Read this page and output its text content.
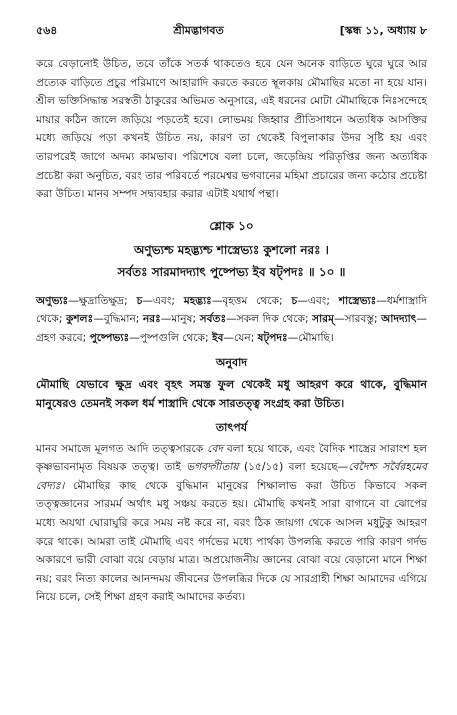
৫৬৪	শ্রীমদ্ভাগবত	[স্কন্ধ ১১, অধ্যায় ৮

করে বেড়ানোই উচিত, তবে তাঁকে সতর্ক থাকতেও হবে যেন অনেক বাড়িতে ঘুরে ঘুরে আর প্রত্যেক বাড়িতে প্রচুর পরিমাণে আহারাদি করতে করতে স্থূলকায় মৌমাছির মতো না হয়ে যান। শ্রীল ভক্তিসিদ্ধান্ত সরস্বতী ঠাকুরের অভিমত অনুসারে, এই ধরনের মোটা মৌমাছিকে নিঃসন্দেহে মায়ার কঠিন জালে জড়িয়ে পড়তেই হবে। লোভময় জিহ্বার প্রীতিসাধনে অত্যধিক আসক্তির মধ্যে জড়িয়ে পড়া কখনই উচিত নয়, কারণ তা থেকেই বিপুলাকার উদর সৃষ্টি হয় এবং তারপরেই জাগে অদম্য কামভাব। পরিশেষে বলা চলে, জড়েন্দ্রিয় পরিতৃপ্তির জন্য অত্যধিক প্রচেষ্টা করা অনুচিত, বরং তার পরিবর্তে পরমেশ্বর ভগবানের মহিমা প্রচারের জন্য কঠোর প্রচেষ্টা করা উচিত। মানব সম্পদ সদ্ব্যবহার করার এটাই যথার্থ পন্থা।

শ্লোক ১০
অণুভ্যশ্চ মহদ্ভ্যশ্চ শাস্ত্রেভ্যঃ কুশলো নরঃ ।
সর্বতঃ সারমাদদ্যাৎ পুষ্পেভ্য ইব ষট্পদঃ ॥ ১০ ॥
অণুভ্যঃ—ক্ষুদ্রাতিক্ষুদ্র; চ—এবং; মহদ্ভ্যঃ—বৃহত্তম থেকে; চ—এবং; শাস্ত্রেভ্যঃ—ধর্মশাস্ত্রাদি থেকে; কুশলঃ—বুদ্ধিমান; নরঃ—মানুষ; সর্বতঃ—সকল দিক থেকে; সারম্—সারবস্তু; আদদ্যাৎ—গ্রহণ করবে; পুষ্পেভ্যঃ—পুষ্পগুলি থেকে; ইব—যেন; ষট্পদঃ—মৌমাছি।
অনুবাদ
মৌমাছি যেভাবে ক্ষুদ্র এবং বৃহৎ সমস্ত ফুল থেকেই মধু আহরণ করে থাকে, বুদ্ধিমান মানুষেরও তেমনই সকল ধর্ম শাস্ত্রাদি থেকে সারতত্ত্ব সংগ্রহ করা উচিত।
তাৎপর্য

মানব সমাজে মূলগত আদি তত্ত্বসারকে বেদ বলা হয়ে থাকে, এবং বৈদিক শাস্ত্রের সারাংশ হল কৃষ্ণভাবনামৃত বিষয়ক তত্ত্ব। তাই ভগবদ্গীতায় (১৫/১৫) বলা হয়েছে—বেদৈশ্চ সর্বৈরহমেব বেদ্যঃ। মৌমাছির কাছ থেকে বুদ্ধিমান মানুষের শিক্ষালাভ করা উচিত কিভাবে সকল তত্ত্বজ্ঞানের সারমর্ম অর্থাৎ মধু সঞ্চয় করতে হয়। মৌমাছি কখনই সারা বাগানে বা ঝোপের মধ্যে অযথা ঘোরাঘুরি করে সময় নষ্ট করে না, বরং ঠিক জায়গা থেকে আসল মধুটুকু আহরণ করে থাকে। আমরা তাই মৌমাছি এবং গর্দভের মধ্যে পার্থক্য উপলব্ধি করতে পারি কারণ গর্দভ অকারণে ভারী বোঝা বয়ে বেড়ায় মাত্র। অপ্রয়োজনীয় জ্ঞানের বোঝা বয়ে বেড়ানো মানে শিক্ষা নয়; বরং নিত্য কালের আনন্দময় জীবনের উপলব্ধির দিকে যে সারগ্রাহী শিক্ষা আমাদের এগিয়ে নিয়ে চলে, সেই শিক্ষা গ্রহণ করাই আমাদের কর্তব্য।
